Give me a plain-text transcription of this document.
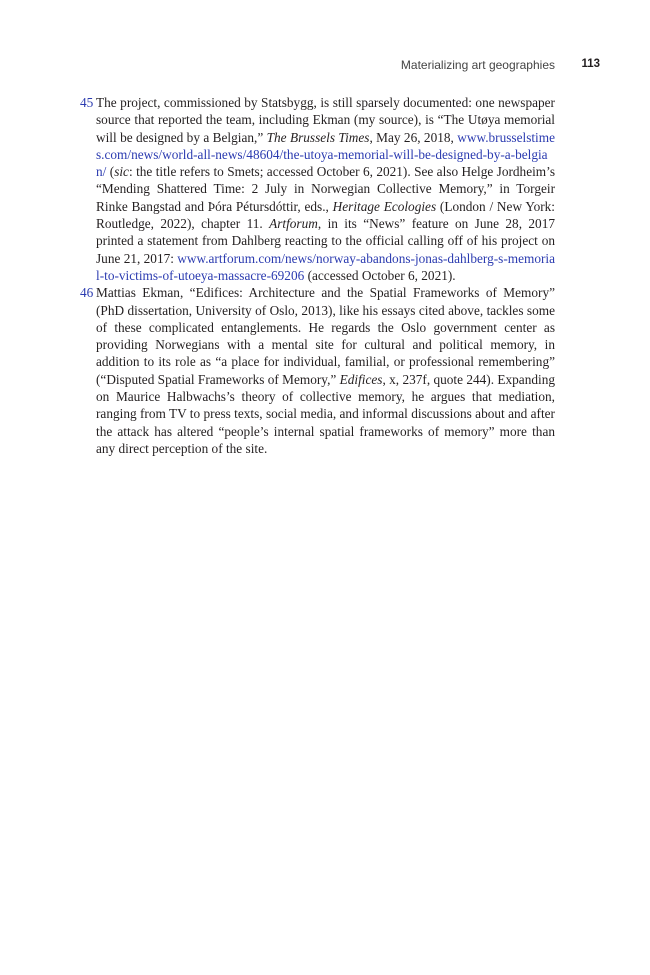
Materializing art geographies 113
45 The project, commissioned by Statsbygg, is still sparsely documented: one newspaper source that reported the team, including Ekman (my source), is “The Utøya memorial will be designed by a Belgian,” The Brussels Times, May 26, 2018, www.brusselstimes.com/news/world-all-news/48604/the-utoya-memorial-will-be-designed-by-a-belgian/ (sic: the title refers to Smets; accessed October 6, 2021). See also Helge Jordheim’s “Mending Shattered Time: 2 July in Norwegian Collective Memory,” in Torgeir Rinke Bangstad and Þóra Pétursdóttir, eds., Heritage Ecologies (London / New York: Routledge, 2022), chapter 11. Artforum, in its “News” feature on June 28, 2017 printed a statement from Dahlberg reacting to the official calling off of his project on June 21, 2017: www.artforum.com/news/norway-abandons-jonas-dahlberg-s-memorial-to-victims-of-utoeya-massacre-69206 (accessed October 6, 2021).
46 Mattias Ekman, “Edifices: Architecture and the Spatial Frameworks of Memory” (PhD dissertation, University of Oslo, 2013), like his essays cited above, tackles some of these complicated entanglements. He regards the Oslo government center as providing Norwegians with a mental site for cultural and political memory, in addition to its role as “a place for individual, familial, or professional remembering” (“Disputed Spatial Frameworks of Memory,” Edifices, x, 237f, quote 244). Expanding on Maurice Halbwachs’s theory of collective memory, he argues that mediation, ranging from TV to press texts, social media, and informal discussions about and after the attack has altered “people’s internal spatial frameworks of memory” more than any direct perception of the site.
